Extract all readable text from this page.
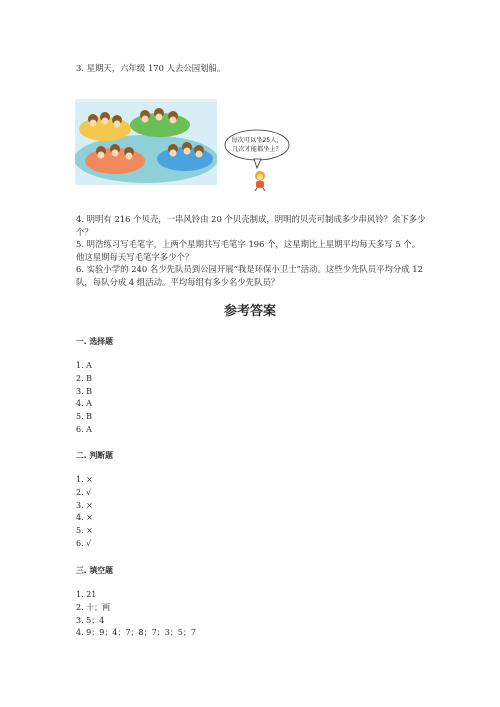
3. 星期天，六年级 170 人去公园划船。
每次可以坐25人，
几次才能都坐上？

4. 明明有 216 个贝壳，一串风铃由 20 个贝壳制成，明明的贝壳可制成多少串风铃？余下多少个？

5. 明浩练习写毛笔字，上两个星期共写毛笔字 196 个，这星期比上星期平均每天多写 5 个。他这星期每天写毛笔字多少个？

6. 实验小学的 240 名少先队员到公园开展“我是环保小卫士”活动。这些少先队员平均分成 12 队，每队分成 4 组活动。平均每组有多少名少先队员？

参考答案
一. 选择题
1. A
2. B
3. B
4. A
5. B
6. A
二. 判断题
1. ×
2. √
3. ×
4. ×
5. ×
6. √
三. 填空题
1. 21
2. 十；两
3. 5；4
4. 9；9；4；7；8；7；3；5；7
